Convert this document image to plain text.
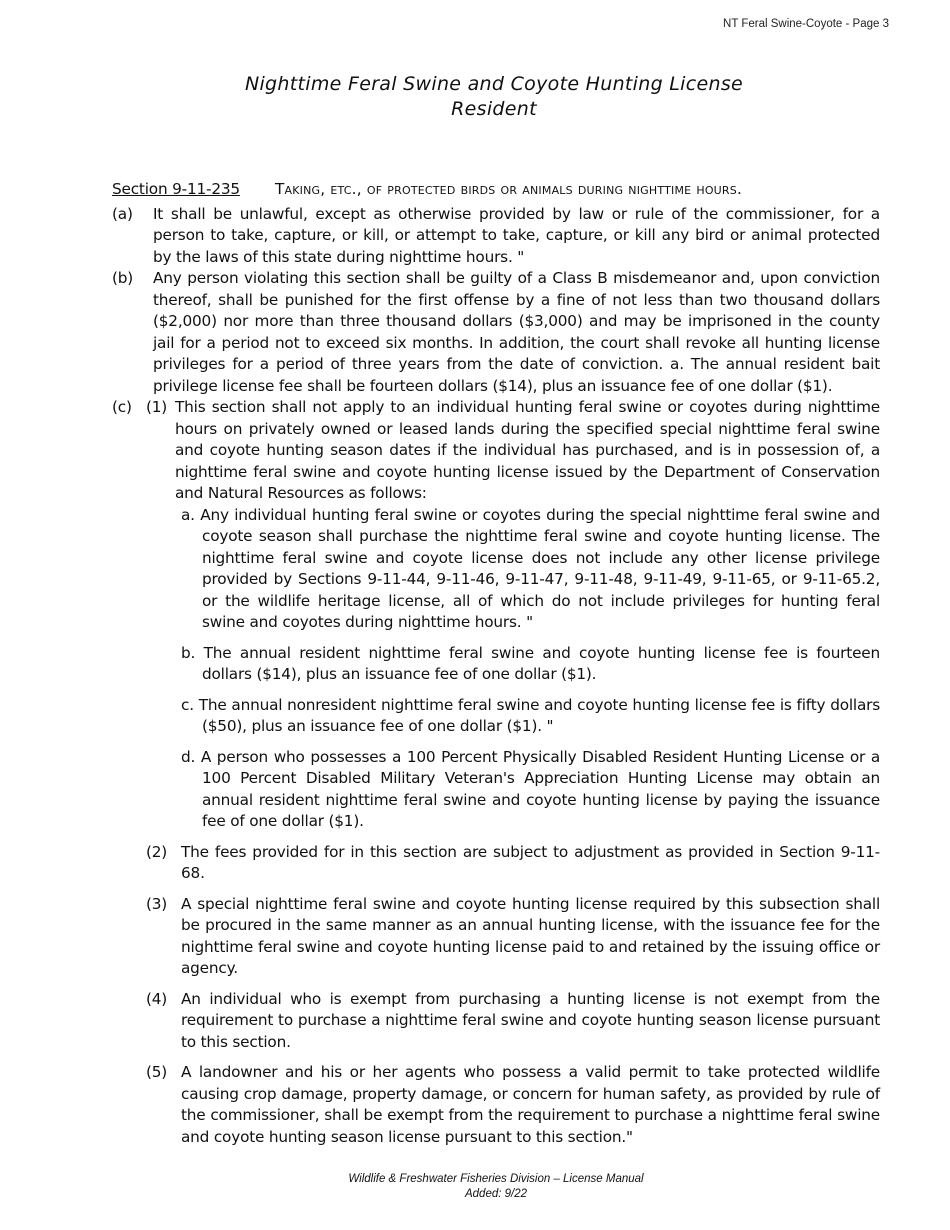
NT Feral Swine-Coyote - Page 3
Nighttime Feral Swine and Coyote Hunting License
Resident
Section 9-11-235 Taking, etc., of protected birds or animals during nighttime hours.
(a)	It shall be unlawful, except as otherwise provided by law or rule of the commissioner, for a person to take, capture, or kill, or attempt to take, capture, or kill any bird or animal protected by the laws of this state during nighttime hours. "
(b)	Any person violating this section shall be guilty of a Class B misdemeanor and, upon conviction thereof, shall be punished for the first offense by a fine of not less than two thousand dollars ($2,000) nor more than three thousand dollars ($3,000) and may be imprisoned in the county jail for a period not to exceed six months. In addition, the court shall revoke all hunting license privileges for a period of three years from the date of conviction. a. The annual resident bait privilege license fee shall be fourteen dollars ($14), plus an issuance fee of one dollar ($1).
(c) (1) This section shall not apply to an individual hunting feral swine or coyotes during nighttime hours on privately owned or leased lands during the specified special nighttime feral swine and coyote hunting season dates if the individual has purchased, and is in possession of, a nighttime feral swine and coyote hunting license issued by the Department of Conservation and Natural Resources as follows:
a. Any individual hunting feral swine or coyotes during the special nighttime feral swine and coyote season shall purchase the nighttime feral swine and coyote hunting license. The nighttime feral swine and coyote license does not include any other license privilege provided by Sections 9-11-44, 9-11-46, 9-11-47, 9-11-48, 9-11-49, 9-11-65, or 9-11-65.2, or the wildlife heritage license, all of which do not include privileges for hunting feral swine and coyotes during nighttime hours. "
b. The annual resident nighttime feral swine and coyote hunting license fee is fourteen dollars ($14), plus an issuance fee of one dollar ($1).
c. The annual nonresident nighttime feral swine and coyote hunting license fee is fifty dollars ($50), plus an issuance fee of one dollar ($1). "
d. A person who possesses a 100 Percent Physically Disabled Resident Hunting License or a 100 Percent Disabled Military Veteran's Appreciation Hunting License may obtain an annual resident nighttime feral swine and coyote hunting license by paying the issuance fee of one dollar ($1).
(2) The fees provided for in this section are subject to adjustment as provided in Section 9-11-68.
(3) A special nighttime feral swine and coyote hunting license required by this subsection shall be procured in the same manner as an annual hunting license, with the issuance fee for the nighttime feral swine and coyote hunting license paid to and retained by the issuing office or agency.
(4) An individual who is exempt from purchasing a hunting license is not exempt from the requirement to purchase a nighttime feral swine and coyote hunting season license pursuant to this section.
(5) A landowner and his or her agents who possess a valid permit to take protected wildlife causing crop damage, property damage, or concern for human safety, as provided by rule of the commissioner, shall be exempt from the requirement to purchase a nighttime feral swine and coyote hunting season license pursuant to this section."
Wildlife & Freshwater Fisheries Division – License Manual
Added: 9/22
